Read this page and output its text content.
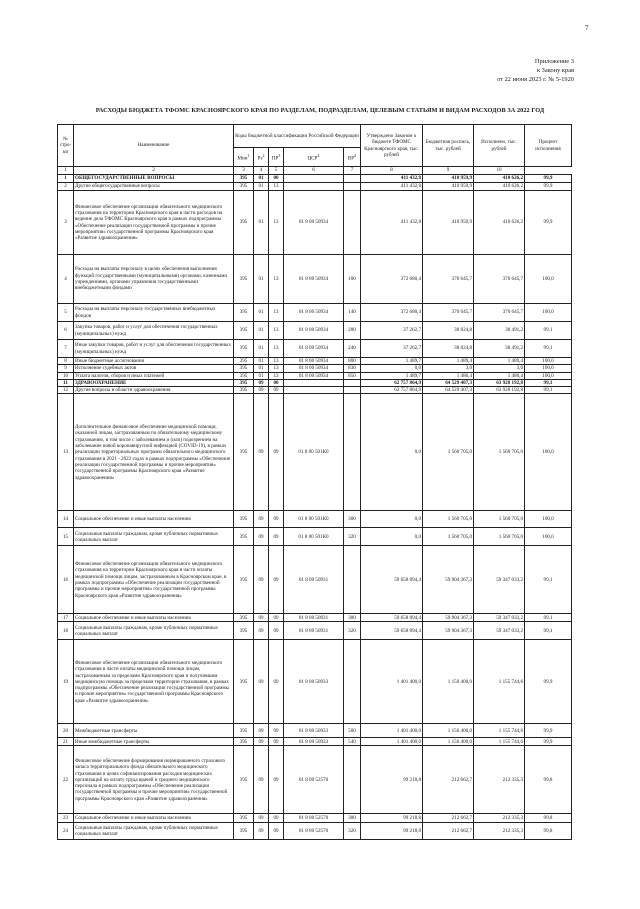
7
Приложение 3
к Закону края
от 22 июня 2023 г. № 5-1920
РАСХОДЫ БЮДЖЕТА ТФОМС КРАСНОЯРСКОГО КРАЯ ПО РАЗДЕЛАМ, ПОДРАЗДЕЛАМ, ЦЕЛЕВЫМ СТАТЬЯМ И ВИДАМ РАСХОДОВ ЗА 2022 ГОД
№ стро- ки	Наименование	Коды бюджетной классификации Российской Федерации					Утверждено Законом о бюджете ТФОМС Красноярского края, тыс. рублей	Бюджетная роспись, тыс. рублей	Исполнено, тыс. рублей	Процент исполнения
		Мин$^1$	$Рз^2$	$ПР^3$	ЦСР$^4$	$ВР^4$
1	2	3	4	5	6	7	8	9	10	
1	ОБЩЕГОСУДАРСТВЕННЫЕ ВОПРОСЫ	395	01	00			411 432,8	410 959,9	410 626,2	99,9
2	Другие общегосударственные вопросы	395	01	13			411 432,8	410 959,9	410 626,2	99,9
3	Финансовое обеспечение организации обязательного медицинского страхования на территории Красноярского края в части расходов на ведение дела ТФОМС Красноярского края в рамках подпрограммы «Обеспечение реализации государственной программы и прочие мероприятия» государственной программы Красноярского края «Развитие здравоохранения»	395	01	13	01 8 00 50934		411 432,8	410 959,9	410 626,2	99,9
4	Расходы на выплаты персоналу в целях обеспечения выполнения функций государственными (муниципальными) органами, казенными учреждениями, органами управления государственными внебюджетными фондами	395	01	13	01 8 00 50934	100	372 680,4	370 645,7	370 645,7	100,0
5	Расходы на выплаты персоналу государственных внебюджетных фондов	395	01	13	01 8 00 50934	140	372 680,4	370 645,7	370 645,7	100,0
6	Закупка товаров, работ и услуг для обеспечения государственных (муниципальных) нужд	395	01	13	01 8 00 50934	200	37 262,7	38 824,8	38 491,2	99,1
7	Иные закупки товаров, работ и услуг для обеспечения государственных (муниципальных) нужд	395	01	13	01 8 00 50934	240	37 262,7	38 824,8	38 491,2	99,1
8	Иные бюджетные ассигнования	395	01	13	01 8 00 50934	800	1 489,7	1 489,4	1 489,4	100,0
9	Исполнение судебных актов	395	01	13	01 8 00 50934	830	0,0	3,0	3,0	100,0
10	Уплата налогов, сборов и иных платежей	395	01	13	01 8 00 50934	850	1 489,7	1 486,4	1 486,4	100,0
11	ЗДРАВООХРАНЕНИЕ	395	09	00			62 757 864,9	64 529 407,3	63 928 192,8	99,1
12	Другие вопросы в области здравоохранения	395	09	09			62 757 864,9	64 529 407,3	63 928 192,8	99,1
13	Дополнительное финансовое обеспечение медицинской помощи, оказанной лицам, застрахованным по обязательному медицинскому страхованию, в том числе с заболеванием и (или) подозрением на заболевание новой коронавирусной инфекцией (COVID-19), в рамках реализации территориальных программ обязательного медицинского страхования в 2021 - 2022 годах в рамках подпрограммы «Обеспечение реализации государственной программы и прочие мероприятия» государственной программы Красноярского края «Развитие здравоохранения»	395	09	09	01 8 00 501К0		0,0	1 560 705,0	1 560 705,0	100,0
14	Социальное обеспечение и иные выплаты населению	395	09	09	01 8 00 501К0	300	0,0	1 560 705,0	1 560 705,0	100,0
15	Социальные выплаты гражданам, кроме публичных нормативных социальных выплат	395	09	09	01 8 00 501К0	320	0,0	1 560 705,0	1 560 705,0	100,0
16	Финансовое обеспечение организации обязательного медицинского страхования на территории Красноярского края в части оплаты медицинской помощи лицам, застрахованным в Красноярском крае, в рамках подпрограммы «Обеспечение реализации государственной программы и прочие мероприятия» государственной программы Красноярского края «Развитие здравоохранения»	395	09	09	01 8 00 50931		59 658 894,4	59 904 367,3	59 347 033,2	99,1
17	Социальное обеспечение и иные выплаты населению	395	09	09	01 8 00 50931	300	59 658 894,4	59 904 367,3	59 347 033,2	99,1
18	Социальные выплаты гражданам, кроме публичных нормативных социальных выплат	395	09	09	01 8 00 50931	320	59 658 894,4	59 904 367,3	59 347 033,2	99,1
19	Финансовое обеспечение организации обязательного медицинского страхования в части оплаты медицинской помощи лицам, застрахованным за пределами Красноярского края и получившим медицинскую помощь за пределами территории страхования, в рамках подпрограммы «Обеспечение реализации государственной программы и прочие мероприятия» государственной программы Красноярского края «Развитие здравоохранения»	395	09	09	01 8 00 50933		1 401 400,0	1 150 400,0	1 155 744,6	99,9
20	Межбюджетные трансферты	395	09	09	01 8 00 50933	500	1 401 400,0	1 156 400,0	1 155 744,6	99,9
21	Иные межбюджетные трансферты	395	09	09	01 8 00 50933	540	1 401 400,0	1 156 400,0	1 155 744,6	99,9
22	Финансовое обеспечение формирования нормированного страхового запаса территориального фонда обязательного медицинского страхования в целях софинансирования расходов медицинских организаций на оплату труда врачей и среднего медицинского персонала в рамках подпрограммы «Обеспечение реализации государственной программы и прочие мероприятия» государственной программы Красноярского края «Развитие здравоохранения»	395	09	09	01 8 00 52570		99 218,8	212 662,7	212 335,3	99,8
23	Социальное обеспечение и иные выплаты населению	395	09	09	01 8 00 52570	300	99 218,8	212 662,7	212 335,3	99,8
24	Социальные выплаты гражданам, кроме публичных нормативных социальных выплат	395	09	09	01 8 00 52570	320	99 218,8	212 662,7	212 335,3	99,8
